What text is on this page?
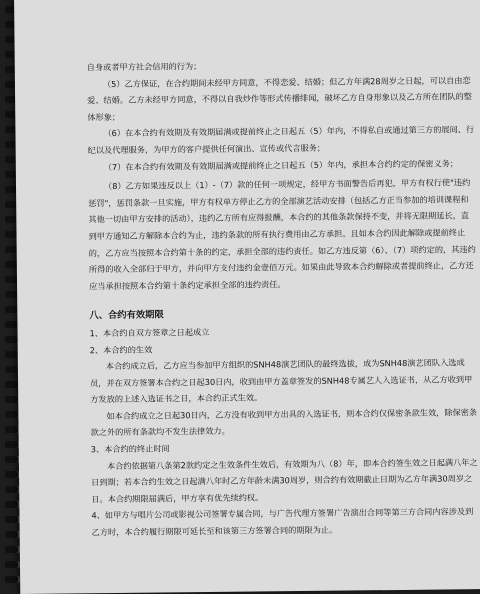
自身或者甲方社会信用的行为；

（5）乙方保证，在合约期间未经甲方同意，不得恋爱、结婚；但乙方年满28周岁之日起，可以自由恋爱、结婚。乙方未经甲方同意，不得以自我炒作等形式传播绯闻，破坏乙方自身形象以及乙方所在团队的整体形象；

（6）在本合约有效期及有效期届满或提前终止之日起五（5）年内，不得私自或通过第三方的展间、行纪以及代理服务，为甲方的客户提供任何演出、宣传或代言服务；

（7）在本合约有效期及有效期届满或提前终止之日起五（5）年内，承担本合约约定的保密义务；

（8）乙方如果违反以上（1）-（7）款的任何一项规定，经甲方书面警告后再犯，甲方有权行使"违约惩罚"，惩罚条款一旦实施，甲方有权单方停止乙方的全部演艺活动安排（包括乙方正当参加的培训课程和其他一切由甲方安排的活动），违约乙方所有应得报酬，本合约的其他条款保持不变，并将无限期延长，直到甲方通知乙方解除本合约为止，违约条款的所有执行费用由乙方承担。且如本合约因此解除或提前终止的，乙方应当按照本合约第十条的约定，承担全部的违约责任。如乙方违反第（6）、（7）项约定的，其违约所得的收入全部归于甲方，并向甲方支付违约金壹佰万元。如果由此导致本合约解除或者提前终止，乙方还应当承担按照本合约第十条约定承担全部的违约责任。

八、合约有效期限

1、本合约自双方签章之日起成立

2、本合约的生效

本合约成立后，乙方应当参加甲方组织的SNH48演艺团队的最终选拔，成为SNH48演艺团队入选成员，并在双方签署本合约之日起30日内，收到由甲方盖章签发的SNH48专属艺人入选证书，从乙方收到甲方发放的上述入选证书之日，本合约正式生效。

如本合约成立之日起30日内，乙方没有收到甲方出具的入选证书，则本合约仅保密条款生效，除保密条款之外的所有条款均不发生法律效力。

3、本合约的终止时间

本合约依据第八条第2款约定之生效条件生效后，有效期为八（8）年，即本合约签生效之日起满八年之日到期；若本合约生效之日起满八年时乙方年龄未满30周岁，则合约有效期截止日期为乙方年满30周岁之日。本合约期限届满后，甲方享有优先续约权。

4、如甲方与唱片公司或影视公司签署专属合同，与广告代理方签署广告演出合同等第三方合同内容涉及到乙方时，本合约履行期限可延长至和该第三方签署合同的期限为止。
